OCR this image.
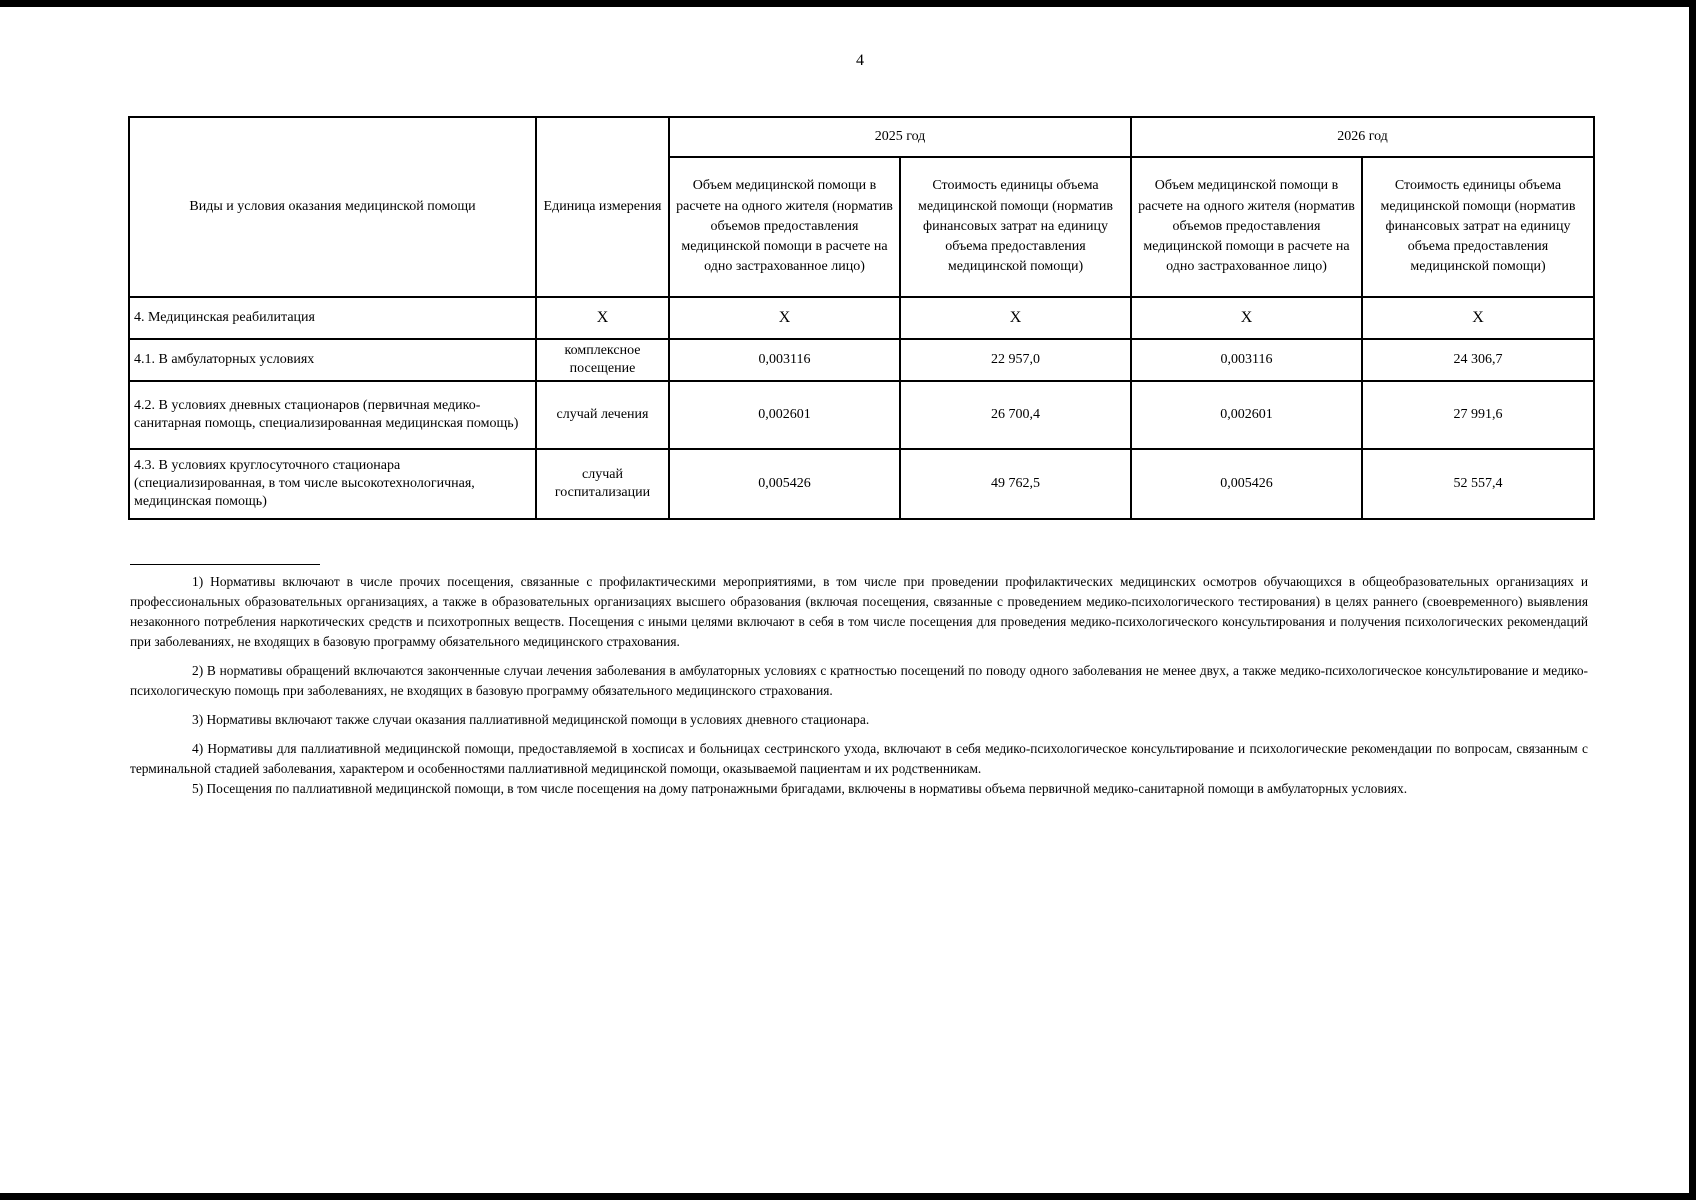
4
Виды и условия оказания медицинской помощи	Единица измерения	2025 год		2026 год	
		Объем медицинской помощи в расчете на одного жителя (норматив объемов предоставления медицинской помощи в расчете на одно застрахованное лицо)	Стоимость единицы объема медицинской помощи (норматив финансовых затрат на единицу объема предоставления медицинской помощи)	Объем медицинской помощи в расчете на одного жителя (норматив объемов предоставления медицинской помощи в расчете на одно застрахованное лицо)	Стоимость единицы объема медицинской помощи (норматив финансовых затрат на единицу объема предоставления медицинской помощи)
4. Медицинская реабилитация	Х	Х	Х	Х	Х
4.1. В амбулаторных условиях	комплексное посещение	0,003116	22 957,0	0,003116	24 306,7
4.2. В условиях дневных стационаров (первичная медико-санитарная помощь, специализированная медицинская помощь)	случай лечения	0,002601	26 700,4	0,002601	27 991,6
4.3. В условиях круглосуточного стационара (специализированная, в том числе высокотехнологичная, медицинская помощь)	случай госпитализации	0,005426	49 762,5	0,005426	52 557,4

1) Нормативы включают в числе прочих посещения, связанные с профилактическими мероприятиями, в том числе при проведении профилактических медицинских осмотров обучающихся в общеобразовательных организациях и профессиональных образовательных организациях, а также в образовательных организациях высшего образования (включая посещения, связанные с проведением медико-психологического тестирования) в целях раннего (своевременного) выявления незаконного потребления наркотических средств и психотропных веществ. Посещения с иными целями включают в себя в том числе посещения для проведения медико-психологического консультирования и получения психологических рекомендаций при заболеваниях, не входящих в базовую программу обязательного медицинского страхования.

2) В нормативы обращений включаются законченные случаи лечения заболевания в амбулаторных условиях с кратностью посещений по поводу одного заболевания не менее двух, а также медико-психологическое консультирование и медико-психологическую помощь при заболеваниях, не входящих в базовую программу обязательного медицинского страхования.

3) Нормативы включают также случаи оказания паллиативной медицинской помощи в условиях дневного стационара.

4) Нормативы для паллиативной медицинской помощи, предоставляемой в хосписах и больницах сестринского ухода, включают в себя медико-психологическое консультирование и психологические рекомендации по вопросам, связанным с терминальной стадией заболевания, характером и особенностями паллиативной медицинской помощи, оказываемой пациентам и их родственникам.

5) Посещения по паллиативной медицинской помощи, в том числе посещения на дому патронажными бригадами, включены в нормативы объема первичной медико-санитарной помощи в амбулаторных условиях.
